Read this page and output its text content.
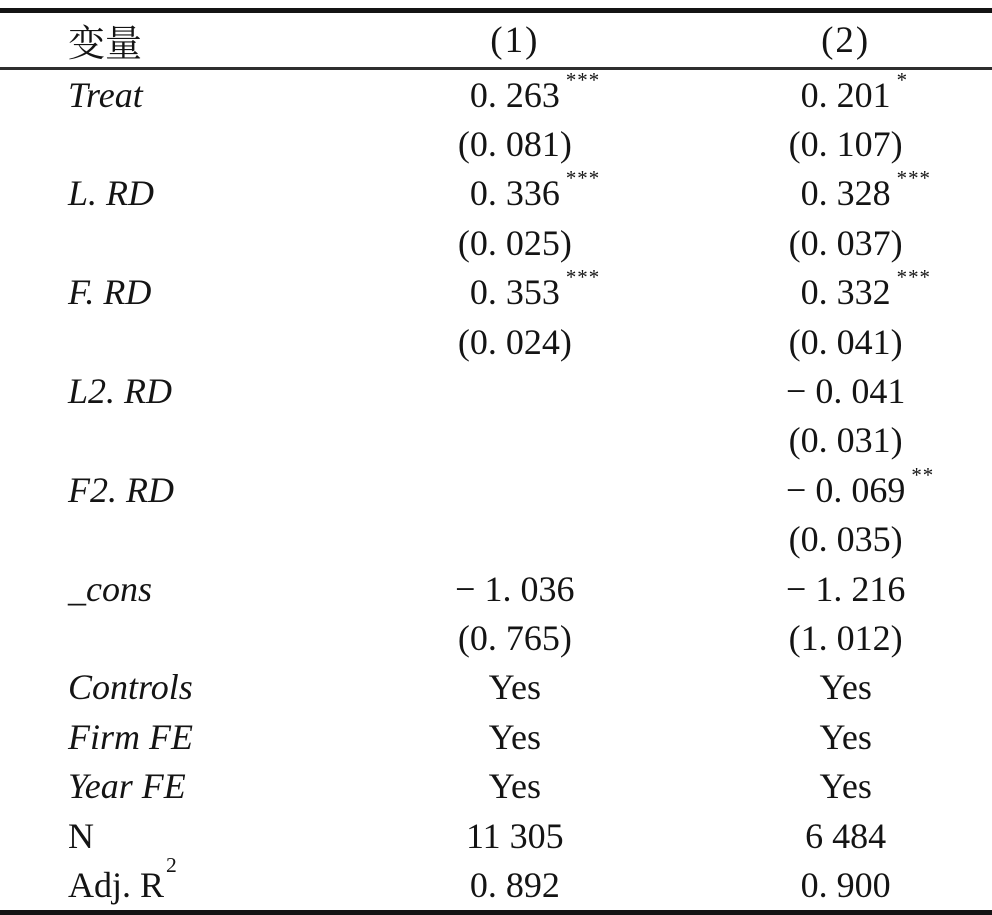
变量	(1)	(2)
Treat	0. 263 ***	0. 201 *

	(0. 081)	(0. 107)
L. RD	0. 336 ***	0. 328 ***

	(0. 025)	(0. 037)
F. RD	0. 353 ***	0. 332 ***

	(0. 024)	(0. 041)
L2. RD		− 0. 041

		(0. 031)
F2. RD		− 0. 069 **

		(0. 035)
_cons	− 1. 036	− 1. 216
	(0. 765)	(1. 012)
Controls	Yes	Yes
Firm FE	Yes	Yes
Year FE	Yes	Yes
N	11 305	6 484
Adj. $R^2$	0. 892	0. 900
